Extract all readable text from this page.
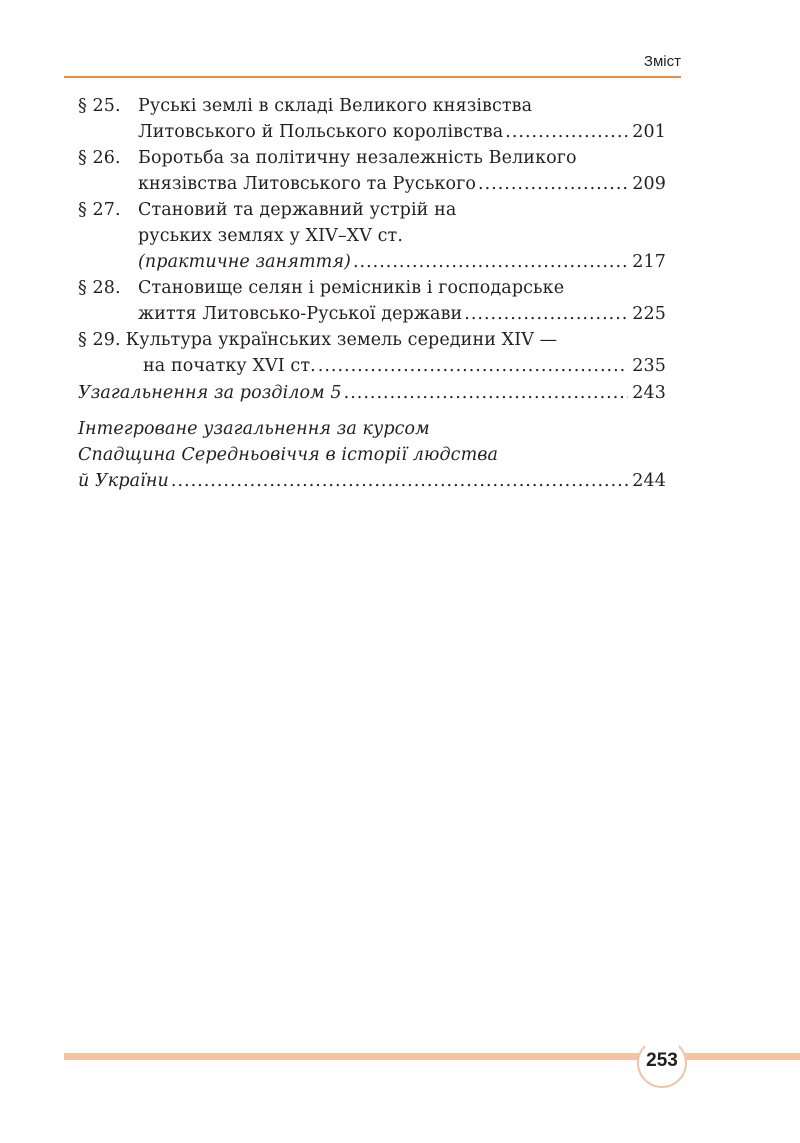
Зміст
§ 25. Руські землі в складі Великого князівства
Литовського й Польського королівства .....	201
§ 26. Боротьба за політичну незалежність Великого
князівства Литовського та Руського .....	209
§ 27. Становий та державний устрій на
руських землях у XIV–XV ст.
(практичне заняття) .....	217
§ 28. Становище селян і ремісників і господарське
життя Литовсько-Руської держави .....	225
§ 29. Культура українських земель середини XIV —
на початку XVI ст. .....	235
Узагальнення за розділом 5 .....	243
Інтегроване узагальнення за курсом
Спадщина Середньовіччя в історії людства
й України .....	244
253
